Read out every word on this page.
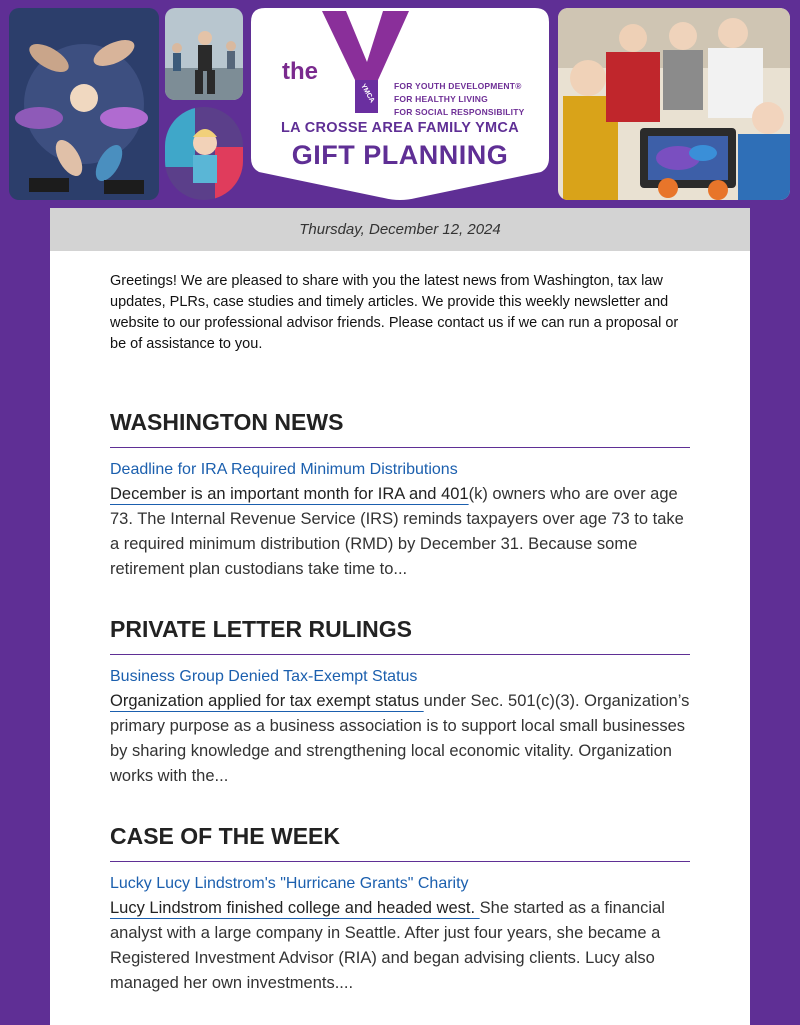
the
YMCA FOR YOUTH DEVELOPMENT®
FOR HEALTHY LIVING
FOR SOCIAL RESPONSIBILITY
LA CROSSE AREA FAMILY YMCA
GIFT PLANNING
Thursday, December 12, 2024
Greetings! We are pleased to share with you the latest news from Washington, tax law updates, PLRs, case studies and timely articles. We provide this weekly newsletter and website to our professional advisor friends. Please contact us if we can run a proposal or be of assistance to you.
WASHINGTON NEWS
Deadline for IRA Required Minimum Distributions
December is an important month for IRA and 401(k) owners who are over age 73. The Internal Revenue Service (IRS) reminds taxpayers over age 73 to take a required minimum distribution (RMD) by December 31. Because some retirement plan custodians take time to...
PRIVATE LETTER RULINGS
Business Group Denied Tax-Exempt Status
Organization applied for tax exempt status under Sec. 501(c)(3). Organization’s primary purpose as a business association is to support local small businesses by sharing knowledge and strengthening local economic vitality. Organization works with the...
CASE OF THE WEEK
Lucky Lucy Lindstrom's "Hurricane Grants" Charity
Lucy Lindstrom finished college and headed west. She started as a financial analyst with a large company in Seattle. After just four years, she became a Registered Investment Advisor (RIA) and began advising clients. Lucy also managed her own investments....
